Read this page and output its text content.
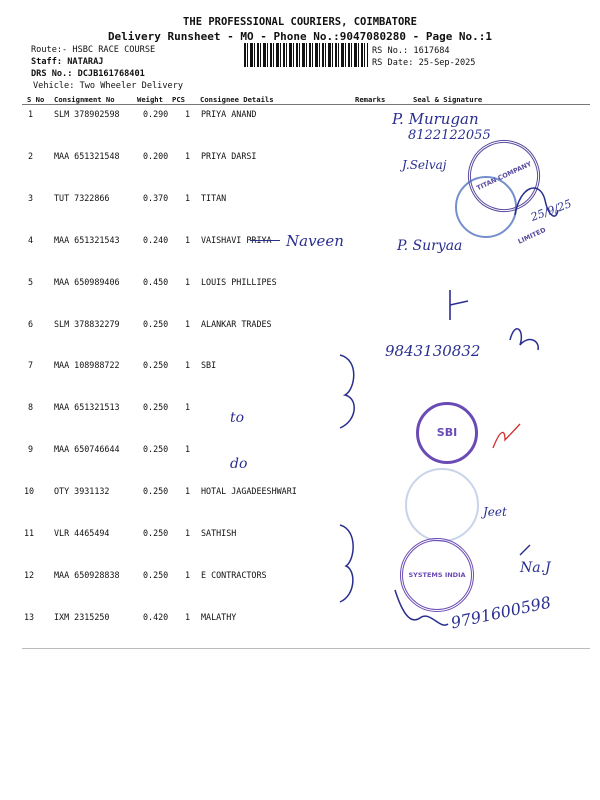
THE PROFESSIONAL COURIERS, COIMBATORE
Delivery Runsheet - MO - Phone No.:9047080280 - Page No.:1
Route:- HSBC RACE COURSE
Staff: NATARAJ
DRS No.: DCJB161768401
Vehicle: Two Wheeler Delivery
RS No.: 1617684
RS Date: 25-Sep-2025
S No Consignment No	Weight PCS Consignee Details	Remarks	Seal & Signature
1 SLM 378902598	0.290 1 PRIYA ANAND
2 MAA 651321548	0.200 1 PRIYA DARSI
3 TUT 7322866	0.370 1 TITAN
4 MAA 651321543	0.240 1 VAISHAVI PRIYA
5 MAA 650989406	0.450 1 LOUIS PHILLIPES
6 SLM 378832279	0.250 1 ALANKAR TRADES
7 MAA 108988722	0.250 1 SBI
8 MAA 651321513	0.250 1
9 MAA 650746644	0.250 1
10 OTY 3931132	0.250 1 HOTAL JAGADEESHWARI
11 VLR 4465494	0.250 1 SATHISH
12 MAA 650928838	0.250 1 E CONTRACTORS
13 IXM 2315250	0.420 1 MALATHY
TITAN COMPANY LIMITED
SBI
SYSTEMS INDIA
P. Murugan
8122122055
J.Selvaj
25/9/25
Naveen	P. Suryaa
9843130832
to
do
Jeet
Na.J
9791600598
